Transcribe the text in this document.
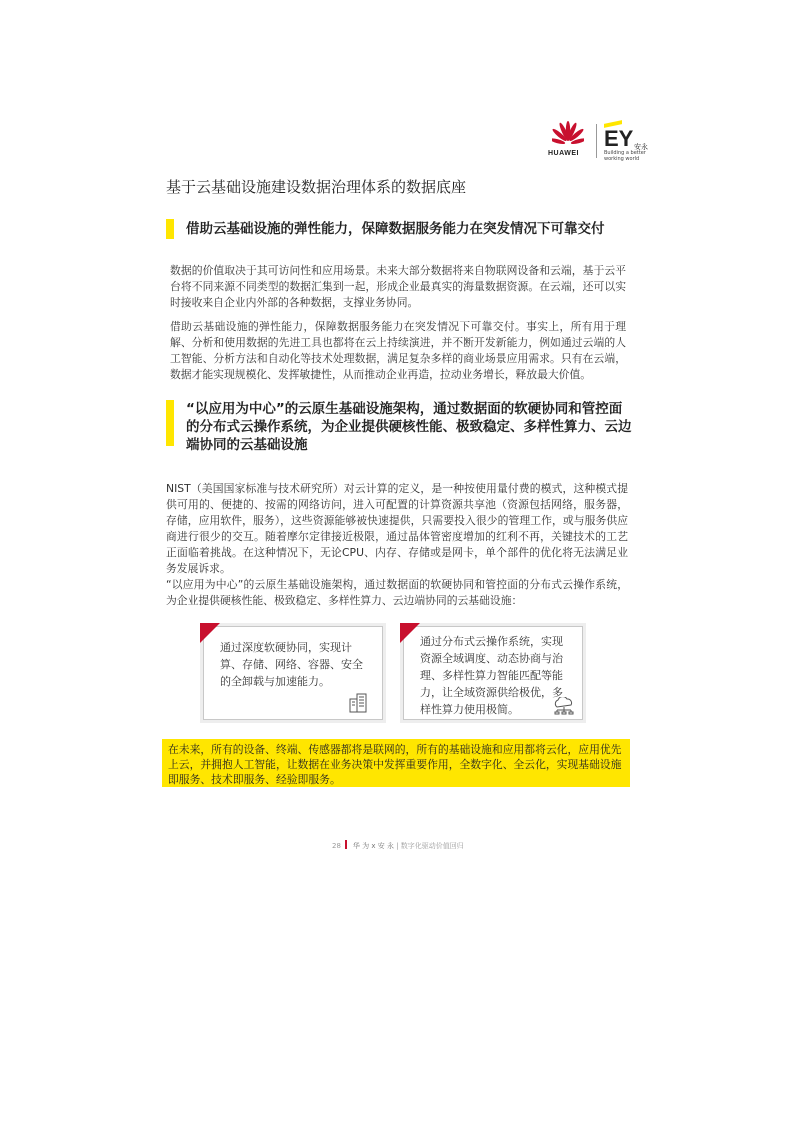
HUAWEI
EY 安永
Building a better working world
基于云基础设施建设数据治理体系的数据底座
借助云基础设施的弹性能力，保障数据服务能力在突发情况下可靠交付

数据的价值取决于其可访问性和应用场景。未来大部分数据将来自物联网设备和云端，基于云平台将不同来源不同类型的数据汇集到一起，形成企业最真实的海量数据资源。在云端，还可以实时接收来自企业内外部的各种数据，支撑业务协同。

借助云基础设施的弹性能力，保障数据服务能力在突发情况下可靠交付。事实上，所有用于理解、分析和使用数据的先进工具也都将在云上持续演进，并不断开发新能力，例如通过云端的人工智能、分析方法和自动化等技术处理数据，满足复杂多样的商业场景应用需求。只有在云端，数据才能实现规模化、发挥敏捷性，从而推动企业再造，拉动业务增长，释放最大价值。

“以应用为中心”的云原生基础设施架构，通过数据面的软硬协同和管控面的分布式云操作系统，为企业提供硬核性能、极致稳定、多样性算力、云边端协同的云基础设施

NIST（美国国家标准与技术研究所）对云计算的定义，是一种按使用量付费的模式，这种模式提供可用的、便捷的、按需的网络访问，进入可配置的计算资源共享池（资源包括网络，服务器，存储，应用软件，服务），这些资源能够被快速提供，只需要投入很少的管理工作，或与服务供应商进行很少的交互。随着摩尔定律接近极限，通过晶体管密度增加的红利不再，关键技术的工艺正面临着挑战。在这种情况下，无论CPU、内存、存储或是网卡，单个部件的优化将无法满足业务发展诉求。

“以应用为中心”的云原生基础设施架构，通过数据面的软硬协同和管控面的分布式云操作系统，为企业提供硬核性能、极致稳定、多样性算力、云边端协同的云基础设施：

通过深度软硬协同，实现计算、存储、网络、容器、安全的全卸载与加速能力。

通过分布式云操作系统，实现资源全域调度、动态协商与治理、多样性算力智能匹配等能力，让全域资源供给极优，多样性算力使用极简。

在未来，所有的设备、终端、传感器都将是联网的，所有的基础设施和应用都将云化，应用优先上云，并拥抱人工智能，让数据在业务决策中发挥重要作用，全数字化、全云化，实现基础设施即服务、技术即服务、经验即服务。

28 华 为 x 安 永 | 数字化驱动价值回归
